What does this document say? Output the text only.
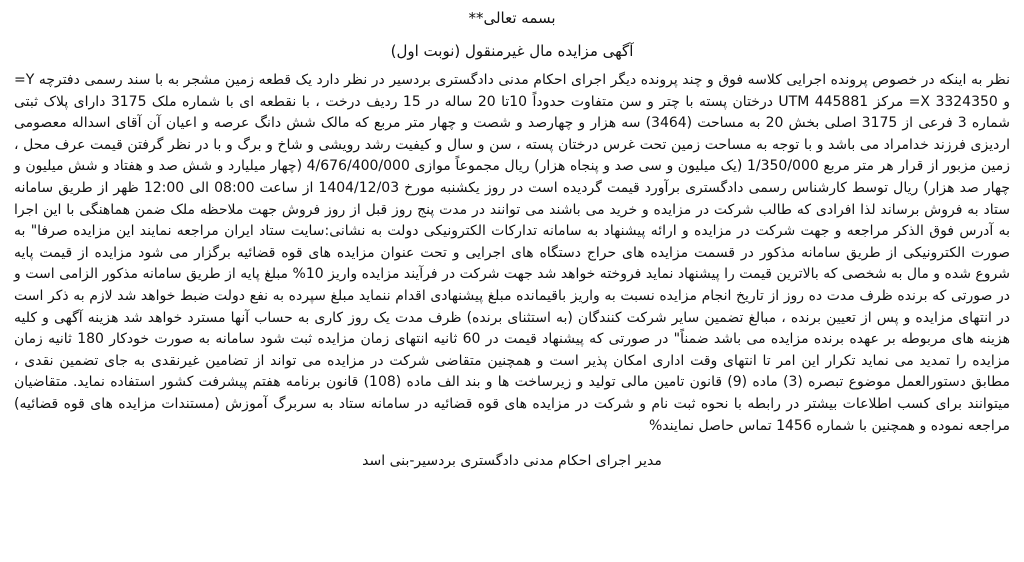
بسمه تعالی**

آگهی مزایده مال غیرمنقول (نوبت اول)

نظر به اینکه در خصوص پرونده اجرایی کلاسه فوق و چند پرونده دیگر اجرای احکام مدنی دادگستری بردسیر در نظر دارد یک قطعه زمین مشجر به با سند رسمی دفترچه Y= و 3324350 X= مرکز UTM 445881 درختان پسته با چتر و سن متفاوت حدوداً 10تا 20 ساله در 15 ردیف درخت ، با نقطعه ای با شماره ملک 3175 دارای پلاک ثبتی شماره 3 فرعی از 3175 اصلی بخش 20 به مساحت (3464) سه هزار و چهارصد و شصت و چهار متر مربع که مالک شش دانگ عرصه و اعیان آن آقای اسداله معصومی اردیزی فرزند خدامراد می باشد و با توجه به مساحت زمین تحت غرس درختان پسته ، سن و سال و کیفیت رشد رویشی و شاخ و برگ و با در نظر گرفتن قیمت عرف محل ، زمین مزبور از قرار هر متر مربع 1/350/000 (یک میلیون و سی صد و پنجاه هزار) ریال مجموعاً موازی 4/676/400/000 (چهار میلیارد و شش صد و هفتاد و شش میلیون و چهار صد هزار) ریال توسط کارشناس رسمی دادگستری برآورد قیمت گردیده است در روز یکشنبه مورخ 1404/12/03 از ساعت 08:00 الی 12:00 ظهر از طریق سامانه ستاد به فروش برساند لذا افرادی که طالب شرکت در مزایده و خرید می باشند می توانند در مدت پنج روز قبل از روز فروش جهت ملاحظه ملک ضمن هماهنگی با این اجرا به آدرس فوق الذکر مراجعه و جهت شرکت در مزایده و ارائه پیشنهاد به سامانه تدارکات الکترونیکی دولت به نشانی:سایت ستاد ایران مراجعه نمایند این مزایده صرفا" به صورت الکترونیکی از طریق سامانه مذکور در قسمت مزایده های حراج دستگاه های اجرایی و تحت عنوان مزایده های قوه قضائیه برگزار می شود مزایده از قیمت پایه شروع شده و مال به شخصی که بالاترین قیمت را پیشنهاد نماید فروخته خواهد شد جهت شرکت در فرآیند مزایده واریز 10% مبلغ پایه از طریق سامانه مذکور الزامی است و در صورتی که برنده ظرف مدت ده روز از تاریخ انجام مزایده نسبت به واریز باقیمانده مبلغ پیشنهادی اقدام ننماید مبلغ سپرده به نفع دولت ضبط خواهد شد لازم به ذکر است در انتهای مزایده و پس از تعیین برنده ، مبالغ تضمین سایر شرکت کنندگان (به استثنای برنده) ظرف مدت یک روز کاری به حساب آنها مسترد خواهد شد هزینه آگهی و کلیه هزینه های مربوطه بر عهده برنده مزایده می باشد ضمناً" در صورتی که پیشنهاد قیمت در 60 ثانیه انتهای زمان مزایده ثبت شود سامانه به صورت خودکار 180 ثانیه زمان مزایده را تمدید می نماید تکرار این امر تا انتهای وقت اداری امکان پذیر است و همچنین متقاضی شرکت در مزایده می تواند از تضامین غیرنقدی به جای تضمین نقدی ، مطابق دستورالعمل موضوع تبصره (3) ماده (9) قانون تامین مالی تولید و زیرساخت ها و بند الف ماده (108) قانون برنامه هفتم پیشرفت کشور استفاده نماید. متقاضیان میتوانند برای کسب اطلاعات بیشتر در رابطه با نحوه ثبت نام و شرکت در مزایده های قوه قضائیه در سامانه ستاد به سربرگ آموزش (مستندات مزایده های قوه قضائیه) مراجعه نموده و همچنین با شماره 1456 تماس حاصل نمایند%

مدیر اجرای احکام مدنی دادگستری بردسیر-بنی اسد
